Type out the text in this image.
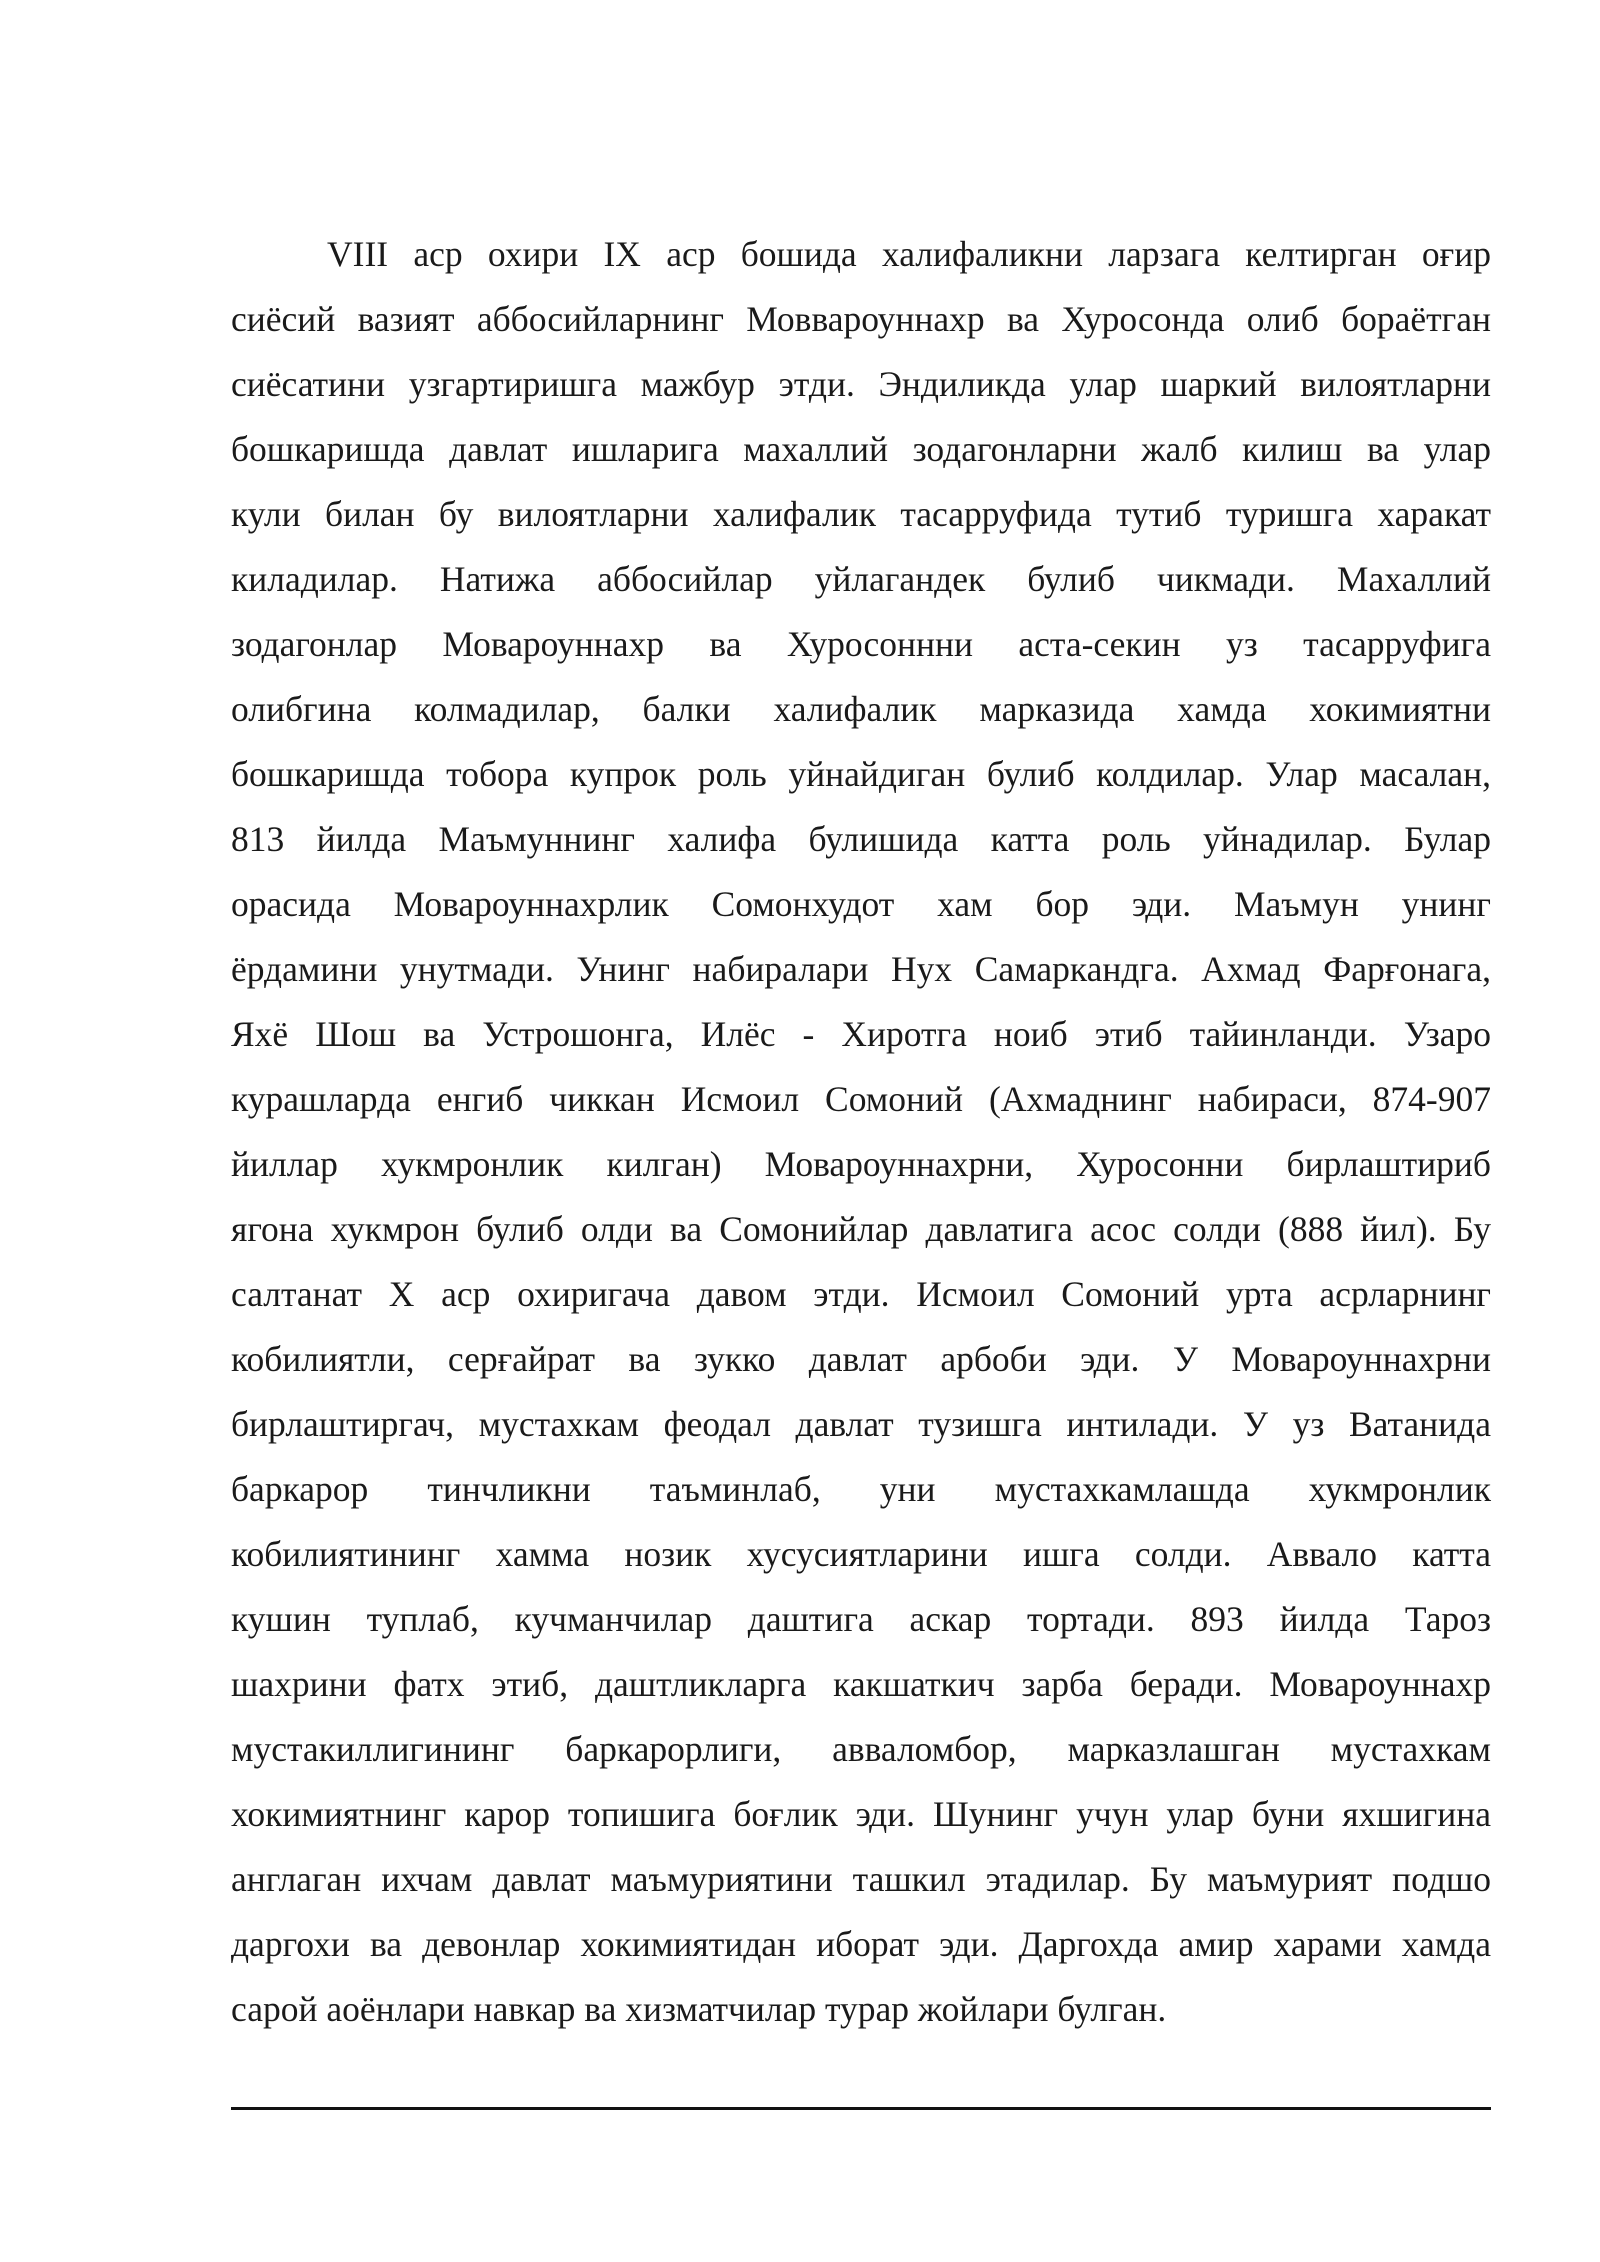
VIII аср охири IX аср бошида халифаликни ларзага келтирган оғир
сиёсий вазият аббосийларнинг Моввароуннахр ва Хуросонда олиб бораётган
сиёсатини узгартиришга мажбур этди. Эндиликда улар шаркий вилоятларни
бошкаришда давлат ишларига махаллий зодагонларни жалб килиш ва улар
кули билан бу вилоятларни халифалик тасарруфида тутиб туришга харакат
киладилар. Натижа аббосийлар уйлагандек булиб чикмади. Махаллий
зодагонлар Мовароуннахр ва Хуросоннни аста-секин уз тасарруфига
олибгина колмадилар, балки халифалик марказида хамда хокимиятни
бошкаришда тобора купрок роль уйнайдиган булиб колдилар. Улар масалан,
813 йилда Маъмуннинг халифа булишида катта роль уйнадилар. Булар
орасида Мовароуннахрлик Сомонхудот хам бор эди. Маъмун унинг
ёрдамини унутмади. Унинг набиралари Нух Самаркандга. Ахмад Фарғонага,
Яхё Шош ва Устрошонга, Илёс - Хиротга ноиб этиб тайинланди. Узаро
курашларда енгиб чиккан Исмоил Сомоний (Ахмаднинг набираси, 874-907
йиллар хукмронлик килган) Мовароуннахрни, Хуросонни бирлаштириб
ягона хукмрон булиб олди ва Сомонийлар давлатига асос солди (888 йил). Бу
салтанат X аср охиригача давом этди. Исмоил Сомоний урта асрларнинг
кобилиятли, серғайрат ва зукко давлат арбоби эди. У Мовароуннахрни
бирлаштиргач, мустахкам феодал давлат тузишга интилади. У уз Ватанида
баркарор тинчликни таъминлаб, уни мустахкамлашда хукмронлик
кобилиятининг хамма нозик хусусиятларини ишга солди. Аввало катта
кушин туплаб, кучманчилар даштига аскар тортади. 893 йилда Тароз
шахрини фатх этиб, даштликларга какшаткич зарба беради. Мовароуннахр
мустакиллигининг баркарорлиги, авваломбор, марказлашган мустахкам
хокимиятнинг карор топишига боғлик эди. Шунинг учун улар буни яхшигина
англаган ихчам давлат маъмуриятини ташкил этадилар. Бу маъмурият подшо
даргохи ва девонлар хокимиятидан иборат эди. Даргохда амир харами хамда
сарой аоёнлари навкар ва хизматчилар турар жойлари булган.
